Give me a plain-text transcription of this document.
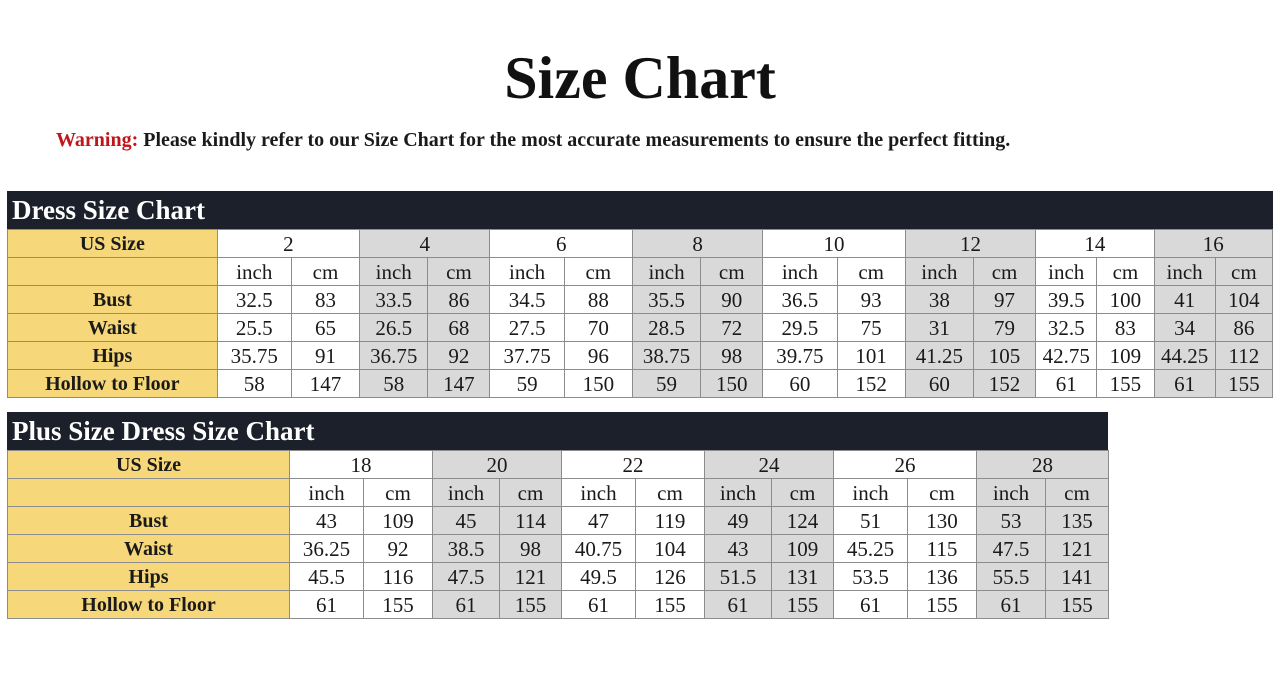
Size Chart
Warning: Please kindly refer to our Size Chart for the most accurate measurements to ensure the perfect fitting.
Dress Size Chart
US Size	2		4		6		8		10		12		14		16	
	inch	cm	inch	cm	inch	cm	inch	cm	inch	cm	inch	cm	inch	cm	inch	cm
Bust	32.5	83	33.5	86	34.5	88	35.5	90	36.5	93	38	97	39.5	100	41	104
Waist	25.5	65	26.5	68	27.5	70	28.5	72	29.5	75	31	79	32.5	83	34	86
Hips	35.75	91	36.75	92	37.75	96	38.75	98	39.75	101	41.25	105	42.75	109	44.25	112
Hollow to Floor	58	147	58	147	59	150	59	150	60	152	60	152	61	155	61	155
Plus Size Dress Size Chart
US Size	18		20		22		24		26		28	
	inch	cm	inch	cm	inch	cm	inch	cm	inch	cm	inch	cm
Bust	43	109	45	114	47	119	49	124	51	130	53	135
Waist	36.25	92	38.5	98	40.75	104	43	109	45.25	115	47.5	121
Hips	45.5	116	47.5	121	49.5	126	51.5	131	53.5	136	55.5	141
Hollow to Floor	61	155	61	155	61	155	61	155	61	155	61	155
